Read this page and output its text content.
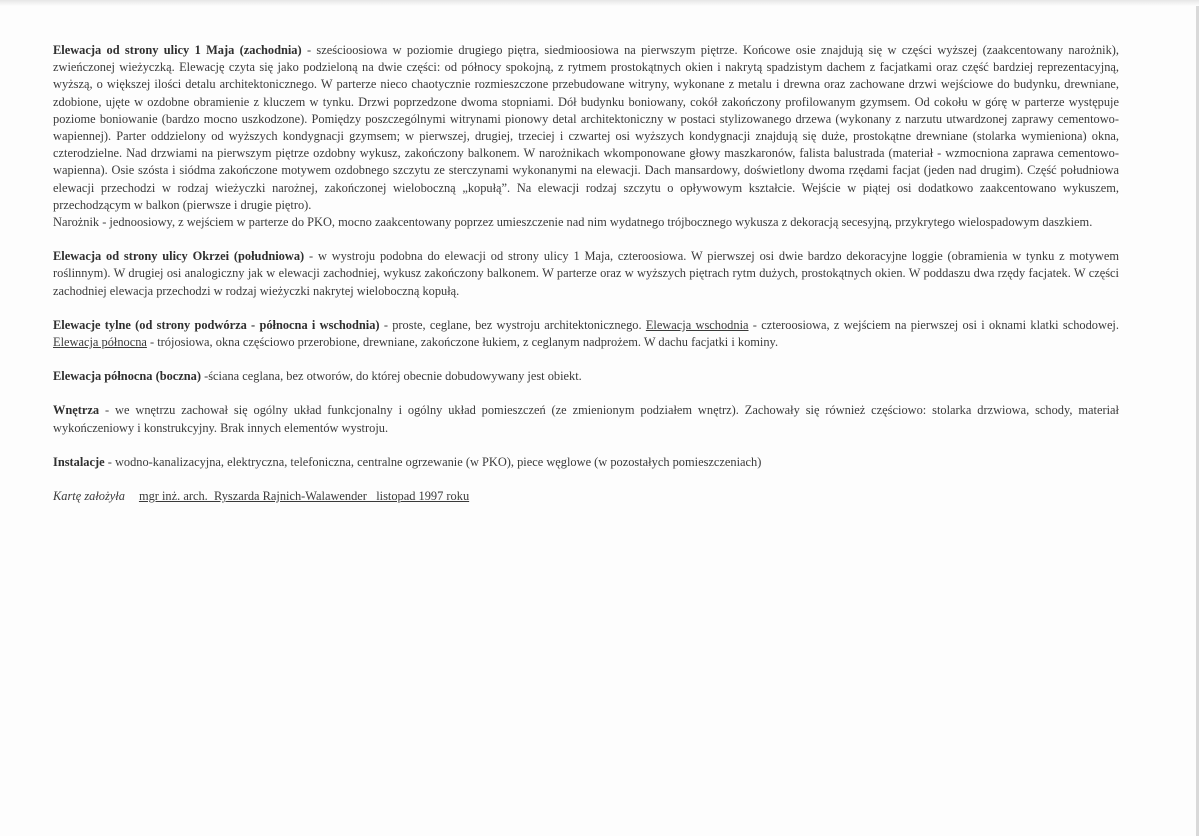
Elewacja od strony ulicy 1 Maja (zachodnia) - sześcioosiowa w poziomie drugiego piętra, siedmioosiowa na pierwszym piętrze. Końcowe osie znajdują się w części wyższej (zaakcentowany narożnik), zwieńczonej wieżyczką. Elewację czyta się jako podzieloną na dwie części: od północy spokojną, z rytmem prostokątnych okien i nakrytą spadzistym dachem z facjatkami oraz część bardziej reprezentacyjną, wyższą, o większej ilości detalu architektonicznego. W parterze nieco chaotycznie rozmieszczone przebudowane witryny, wykonane z metalu i drewna oraz zachowane drzwi wejściowe do budynku, drewniane, zdobione, ujęte w ozdobne obramienie z kluczem w tynku. Drzwi poprzedzone dwoma stopniami. Dół budynku boniowany, cokół zakończony profilowanym gzymsem. Od cokołu w górę w parterze występuje poziome boniowanie (bardzo mocno uszkodzone). Pomiędzy poszczególnymi witrynami pionowy detal architektoniczny w postaci stylizowanego drzewa (wykonany z narzutu utwardzonej zaprawy cementowo-wapiennej). Parter oddzielony od wyższych kondygnacji gzymsem; w pierwszej, drugiej, trzeciej i czwartej osi wyższych kondygnacji znajdują się duże, prostokątne drewniane (stolarka wymieniona) okna, czterodzielne. Nad drzwiami na pierwszym piętrze ozdobny wykusz, zakończony balkonem. W narożnikach wkomponowane głowy maszkaronów, falista balustrada (materiał - wzmocniona zaprawa cementowo-wapienna). Osie szósta i siódma zakończone motywem ozdobnego szczytu ze sterczynami wykonanymi na elewacji. Dach mansardowy, doświetlony dwoma rzędami facjat (jeden nad drugim). Część południowa elewacji przechodzi w rodzaj wieżyczki narożnej, zakończonej wieloboczną „kopułą”. Na elewacji rodzaj szczytu o opływowym kształcie. Wejście w piątej osi dodatkowo zaakcentowano wykuszem, przechodzącym w balkon (pierwsze i drugie piętro).

Narożnik - jednoosiowy, z wejściem w parterze do PKO, mocno zaakcentowany poprzez umieszczenie nad nim wydatnego trójbocznego wykusza z dekoracją secesyjną, przykrytego wielospadowym daszkiem.

Elewacja od strony ulicy Okrzei (południowa) - w wystroju podobna do elewacji od strony ulicy 1 Maja, czteroosiowa. W pierwszej osi dwie bardzo dekoracyjne loggie (obramienia w tynku z motywem roślinnym). W drugiej osi analogiczny jak w elewacji zachodniej, wykusz zakończony balkonem. W parterze oraz w wyższych piętrach rytm dużych, prostokątnych okien. W poddaszu dwa rzędy facjatek. W części zachodniej elewacja przechodzi w rodzaj wieżyczki nakrytej wieloboczną kopułą.

Elewacje tylne (od strony podwórza - północna i wschodnia) - proste, ceglane, bez wystroju architektonicznego. Elewacja wschodnia - czteroosiowa, z wejściem na pierwszej osi i oknami klatki schodowej. Elewacja północna - trójosiowa, okna częściowo przerobione, drewniane, zakończone łukiem, z ceglanym nadprożem. W dachu facjatki i kominy.

Elewacja północna (boczna) -ściana ceglana, bez otworów, do której obecnie dobudowywany jest obiekt.

Wnętrza - we wnętrzu zachował się ogólny układ funkcjonalny i ogólny układ pomieszczeń (ze zmienionym podziałem wnętrz). Zachowały się również częściowo: stolarka drzwiowa, schody, materiał wykończeniowy i konstrukcyjny. Brak innych elementów wystroju.

Instalacje - wodno-kanalizacyjna, elektryczna, telefoniczna, centralne ogrzewanie (w PKO), piece węglowe (w pozostałych pomieszczeniach)

Kartę założyła mgr inż. arch.  Ryszarda Rajnich-Walawender   listopad 1997 roku
